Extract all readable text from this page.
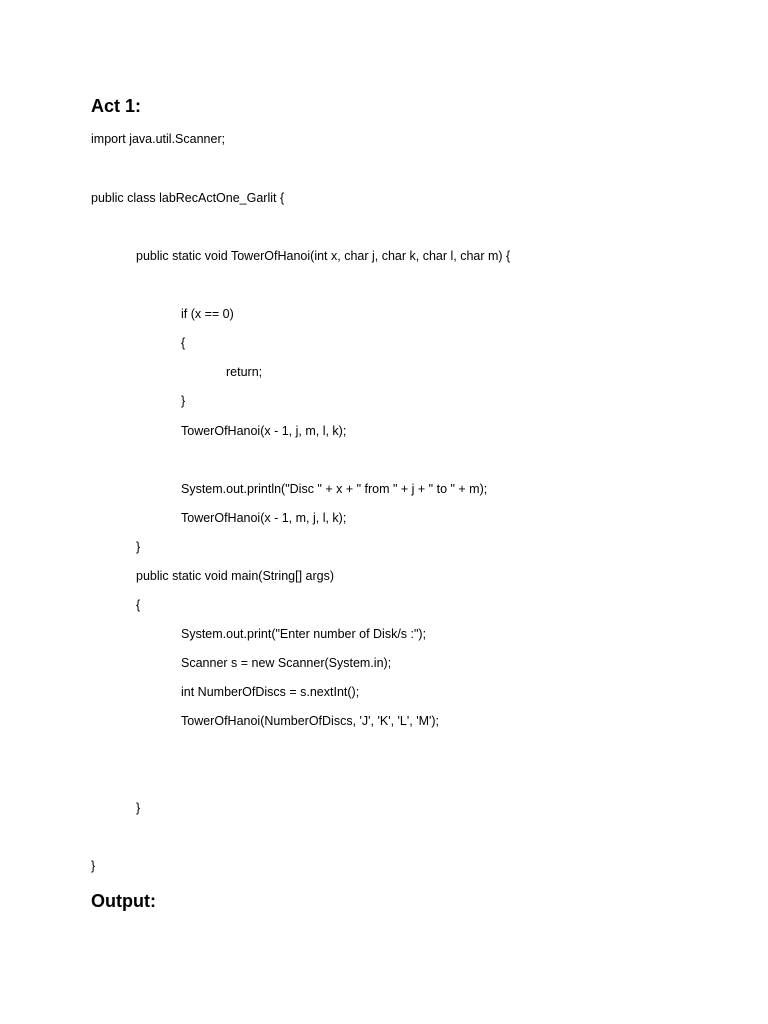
Act 1:
import java.util.Scanner;
public class labRecActOne_Garlit {
public static void TowerOfHanoi(int x, char j, char k, char l, char m) {
if (x == 0)
{
return;
}
TowerOfHanoi(x - 1, j, m, l, k);
System.out.println("Disc " + x + " from " + j + " to " + m);
TowerOfHanoi(x - 1, m, j, l, k);
}
public static void main(String[] args)
{
System.out.print("Enter number of Disk/s :");
Scanner s = new Scanner(System.in);
int NumberOfDiscs = s.nextInt();
TowerOfHanoi(NumberOfDiscs, 'J', 'K', 'L', 'M');
}
}
Output:
